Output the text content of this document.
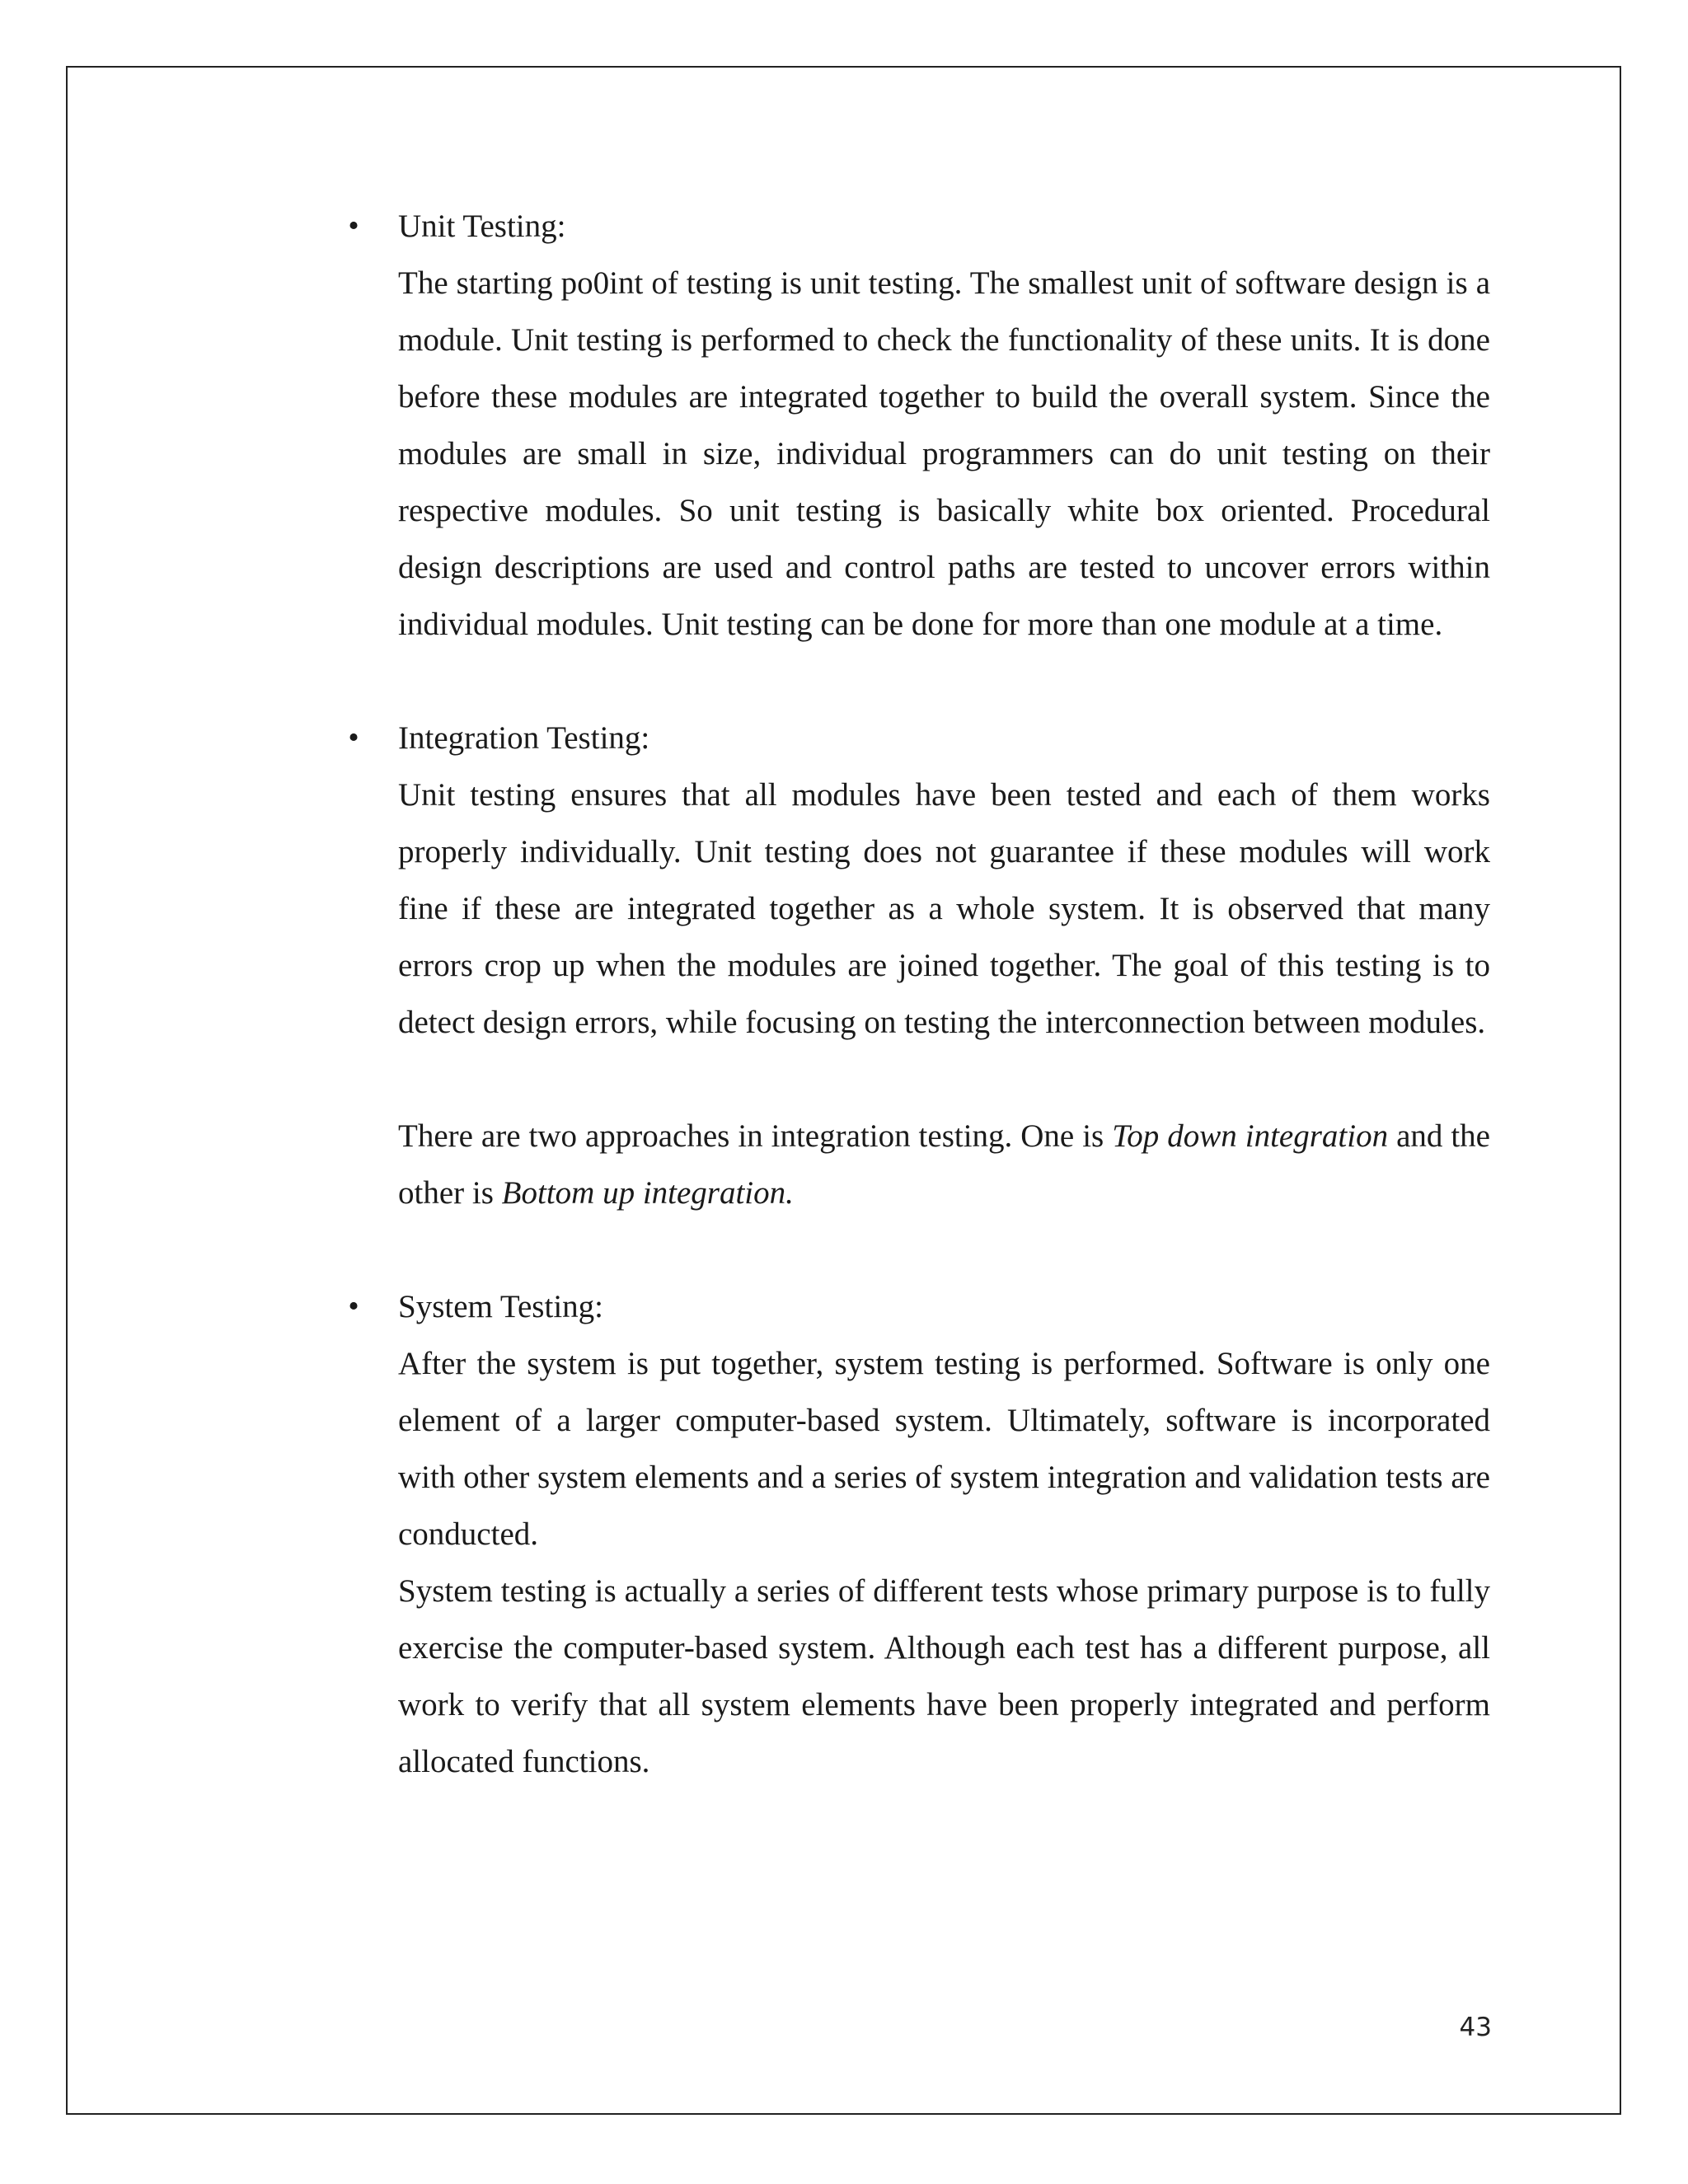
• Unit Testing:

The starting po0int of testing is unit testing. The smallest unit of software design is a module. Unit testing is performed to check the functionality of these units. It is done before these modules are integrated together to build the overall system. Since the modules are small in size, individual programmers can do unit testing on their respective modules. So unit testing is basically white box oriented. Procedural design descriptions are used and control paths are tested to uncover errors within individual modules. Unit testing can be done for more than one module at a time.

• Integration Testing:

Unit testing ensures that all modules have been tested and each of them works properly individually. Unit testing does not guarantee if these modules will work fine if these are integrated together as a whole system. It is observed that many errors crop up when the modules are joined together. The goal of this testing is to detect design errors, while focusing on testing the interconnection between modules.

There are two approaches in integration testing. One is Top down integration and the other is Bottom up integration.

• System Testing:

After the system is put together, system testing is performed. Software is only one element of a larger computer-based system. Ultimately, software is incorporated with other system elements and a series of system integration and validation tests are conducted.

System testing is actually a series of different tests whose primary purpose is to fully exercise the computer-based system. Although each test has a different purpose, all work to verify that all system elements have been properly integrated and perform allocated functions.

43
